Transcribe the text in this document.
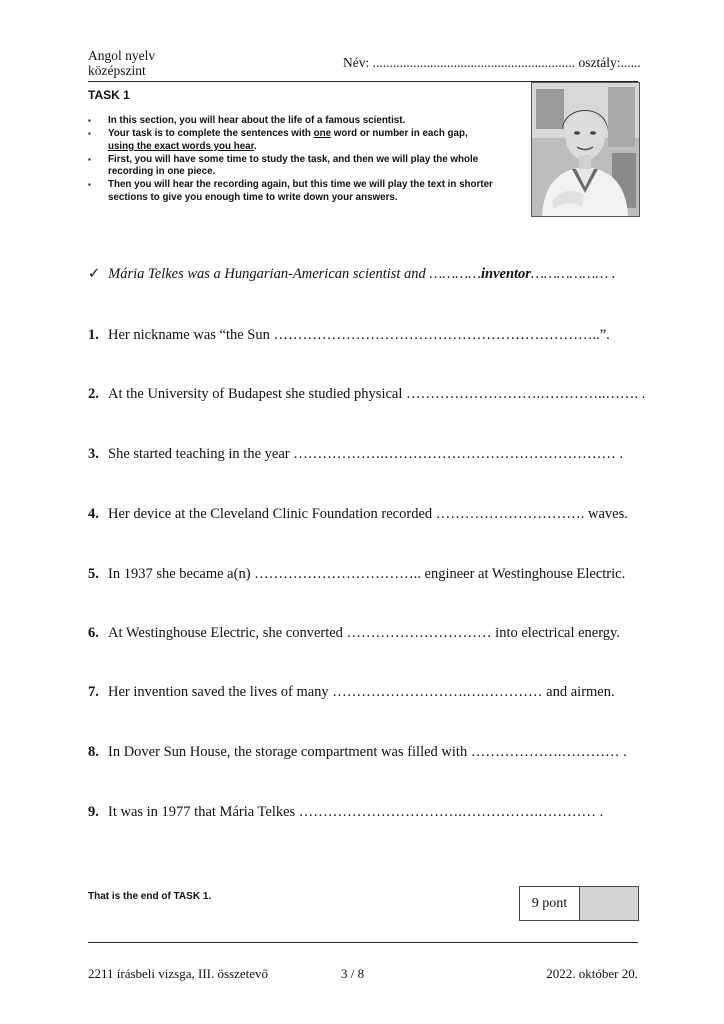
Angol nyelv
középszint
Név: ............................................................ osztály:......
TASK 1
▪ In this section, you will hear about the life of a famous scientist.
▪ Your task is to complete the sentences with one word or number in each gap,
using the exact words you hear.
▪ First, you will have some time to study the task, and then we will play the whole recording in one piece.
▪ Then you will hear the recording again, but this time we will play the text in shorter sections to give you enough time to write down your answers.
✓ Mária Telkes was a Hungarian-American scientist and …………inventor……………… .
1. Her nickname was “the Sun …………………………………………………………..”.
2. At the University of Budapest she studied physical ……………………….…………..……. .
3. She started teaching in the year ……………….………………………………………… .
4. Her device at the Cleveland Clinic Foundation recorded …………………………. waves.
5. In 1937 she became a(n) …………………………….. engineer at Westinghouse Electric.
6. At Westinghouse Electric, she converted ………………………… into electrical energy.
7. Her invention saved the lives of many ……………………….….………… and airmen.
8. In Dover Sun House, the storage compartment was filled with ……………….………… .
9. It was in 1977 that Mária Telkes …………………………….…………….………… .
That is the end of TASK 1.	9 pont
2211 írásbeli vizsga, III. összetevő	3 / 8	2022. október 20.
